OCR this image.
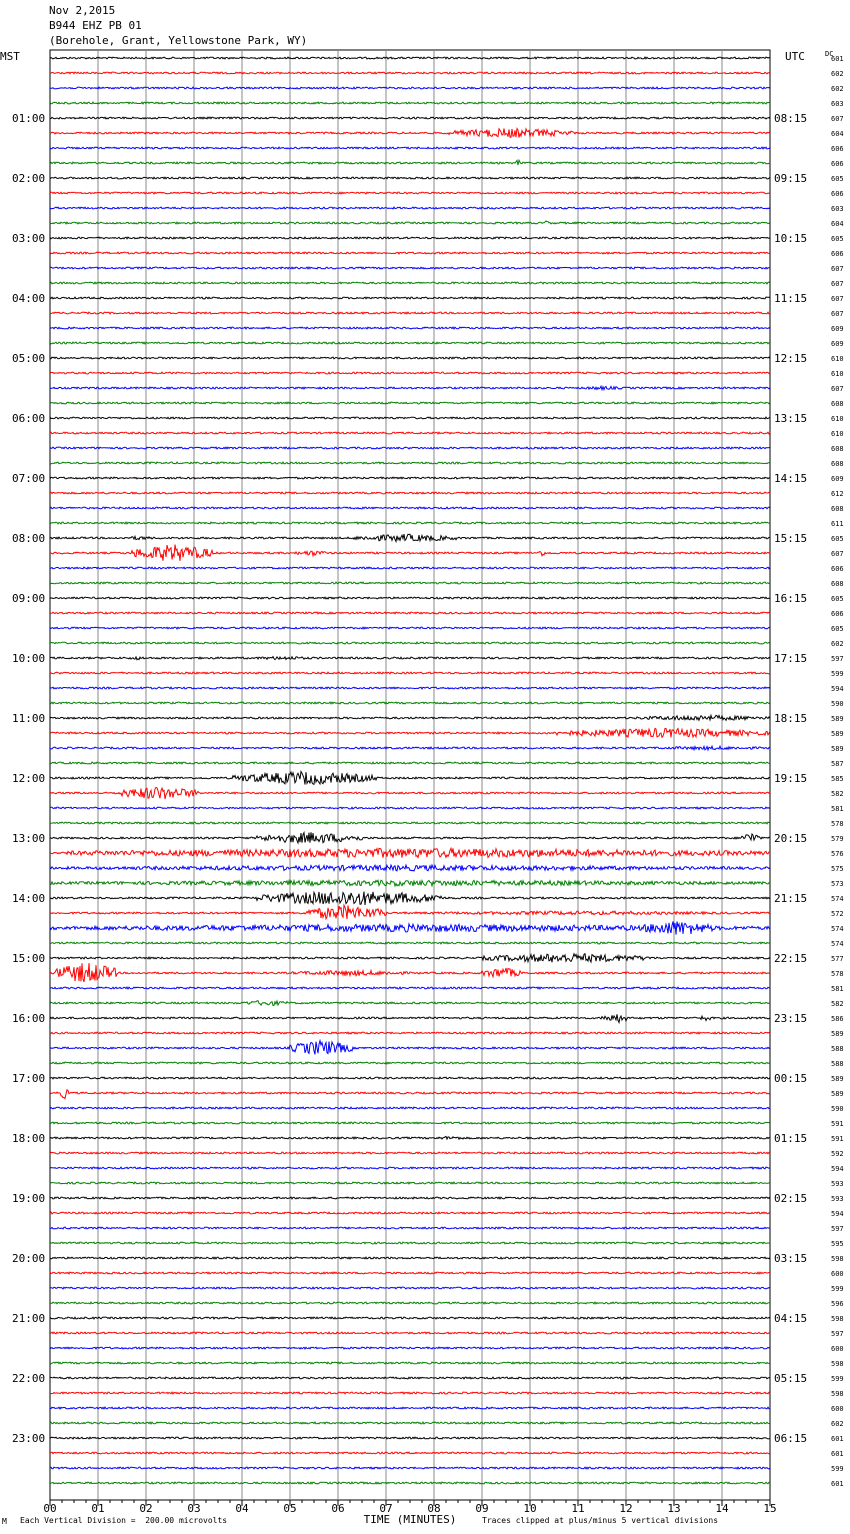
Nov 2,2015
B944 EHZ PB 01
(Borehole, Grant, Yellowstone Park, WY)
MST	UTC	DC
00	01	02	03	04	05	06	07	08	09	10	11	12	13	14	15
TIME (MINUTES)
601
602
602
603
607
604
606
606
605
606
603
604
605
606
607
607
607
607
609
609
610
610
607
608
610
610
608
608
609
612
608
611
605
607
606
608
605
606
605
602
597
599
594
590
589
589
589
587
585
582
581
578
579
576
575
573
574
572
574
574
577
578
581
582
586
589
588
588
589
589
590
591
591
592
594
593
593
594
597
595
598
600
599
596
598
597
600
598
599
598
600
602
601
601
599
601
01:00
02:00
03:00
04:00
05:00
06:00
07:00
08:00
09:00
10:00
11:00
12:00
13:00
14:00
15:00
16:00
17:00
18:00
19:00
20:00
21:00
22:00
23:00
08:15
09:15
10:15
11:15
12:15
13:15
14:15
15:15
16:15
17:15
18:15
19:15
20:15
21:15
22:15
23:15
00:15
01:15
02:15
03:15
04:15
05:15
06:15
M Each Vertical Division =  200.00 microvolts	Traces clipped at plus/minus 5 vertical divisions
